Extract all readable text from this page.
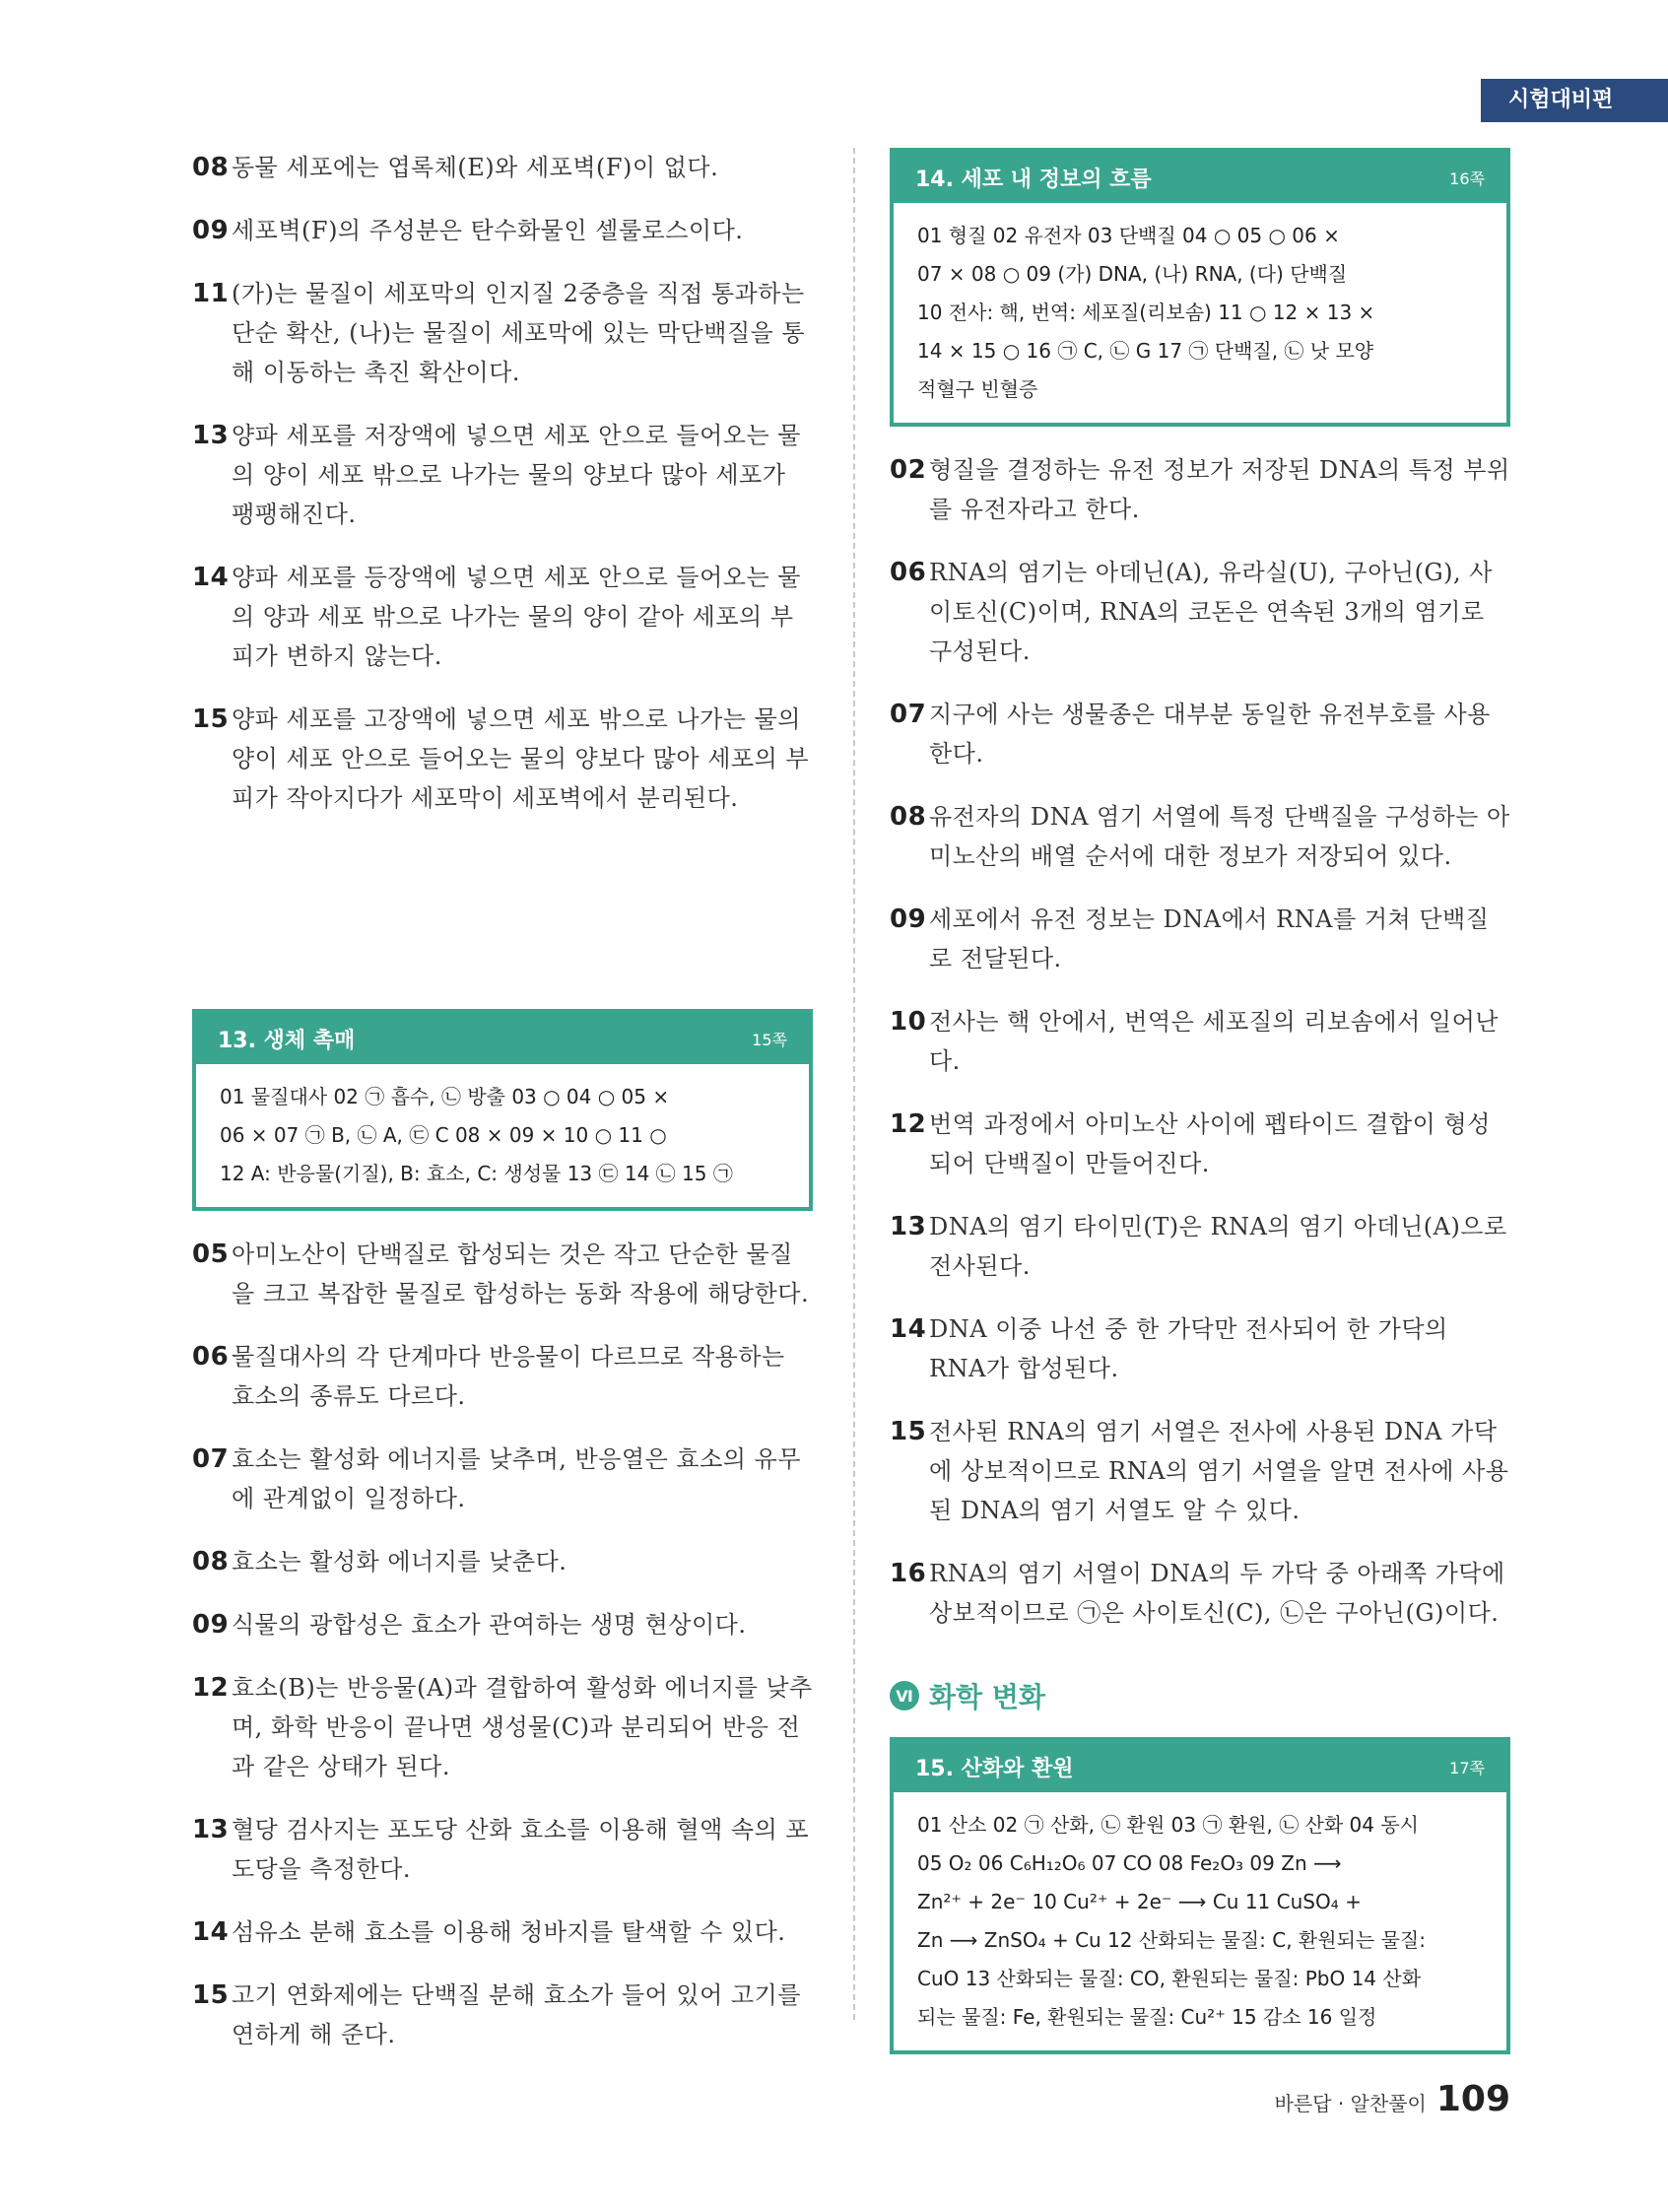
시험대비편
08 동물 세포에는 엽록체(E)와 세포벽(F)이 없다.
09 세포벽(F)의 주성분은 탄수화물인 셀룰로스이다.
11 (가)는 물질이 세포막의 인지질 2중층을 직접 통과하는 단순 확산, (나)는 물질이 세포막에 있는 막단백질을 통해 이동하는 촉진 확산이다.
13 양파 세포를 저장액에 넣으면 세포 안으로 들어오는 물의 양이 세포 밖으로 나가는 물의 양보다 많아 세포가 팽팽해진다.
14 양파 세포를 등장액에 넣으면 세포 안으로 들어오는 물의 양과 세포 밖으로 나가는 물의 양이 같아 세포의 부피가 변하지 않는다.
15 양파 세포를 고장액에 넣으면 세포 밖으로 나가는 물의 양이 세포 안으로 들어오는 물의 양보다 많아 세포의 부피가 작아지다가 세포막이 세포벽에서 분리된다.
13. 생체 촉매	15쪽
01 물질대사 02 ㉠ 흡수, ㉡ 방출 03 ○ 04 ○ 05 ×
06 × 07 ㉠ B, ㉡ A, ㉢ C 08 × 09 × 10 ○ 11 ○
12 A: 반응물(기질), B: 효소, C: 생성물 13 ㉢ 14 ㉡ 15 ㉠
05 아미노산이 단백질로 합성되는 것은 작고 단순한 물질을 크고 복잡한 물질로 합성하는 동화 작용에 해당한다.
06 물질대사의 각 단계마다 반응물이 다르므로 작용하는 효소의 종류도 다르다.
07 효소는 활성화 에너지를 낮추며, 반응열은 효소의 유무에 관계없이 일정하다.
08 효소는 활성화 에너지를 낮춘다.
09 식물의 광합성은 효소가 관여하는 생명 현상이다.
12 효소(B)는 반응물(A)과 결합하여 활성화 에너지를 낮추며, 화학 반응이 끝나면 생성물(C)과 분리되어 반응 전과 같은 상태가 된다.
13 혈당 검사지는 포도당 산화 효소를 이용해 혈액 속의 포도당을 측정한다.
14 섬유소 분해 효소를 이용해 청바지를 탈색할 수 있다.
15 고기 연화제에는 단백질 분해 효소가 들어 있어 고기를 연하게 해 준다.
14. 세포 내 정보의 흐름	16쪽
01 형질 02 유전자 03 단백질 04 ○ 05 ○ 06 ×
07 × 08 ○ 09 (가) DNA, (나) RNA, (다) 단백질
10 전사: 핵, 번역: 세포질(리보솜) 11 ○ 12 × 13 ×
14 × 15 ○ 16 ㉠ C, ㉡ G 17 ㉠ 단백질, ㉡ 낫 모양
적혈구 빈혈증
02 형질을 결정하는 유전 정보가 저장된 DNA의 특정 부위를 유전자라고 한다.
06 RNA의 염기는 아데닌(A), 유라실(U), 구아닌(G), 사이토신(C)이며, RNA의 코돈은 연속된 3개의 염기로 구성된다.
07 지구에 사는 생물종은 대부분 동일한 유전부호를 사용한다.
08 유전자의 DNA 염기 서열에 특정 단백질을 구성하는 아미노산의 배열 순서에 대한 정보가 저장되어 있다.
09 세포에서 유전 정보는 DNA에서 RNA를 거쳐 단백질로 전달된다.
10 전사는 핵 안에서, 번역은 세포질의 리보솜에서 일어난다.
12 번역 과정에서 아미노산 사이에 펩타이드 결합이 형성되어 단백질이 만들어진다.
13 DNA의 염기 타이민(T)은 RNA의 염기 아데닌(A)으로 전사된다.
14 DNA 이중 나선 중 한 가닥만 전사되어 한 가닥의 RNA가 합성된다.
15 전사된 RNA의 염기 서열은 전사에 사용된 DNA 가닥에 상보적이므로 RNA의 염기 서열을 알면 전사에 사용된 DNA의 염기 서열도 알 수 있다.
16 RNA의 염기 서열이 DNA의 두 가닥 중 아래쪽 가닥에 상보적이므로 ㉠은 사이토신(C), ㉡은 구아닌(G)이다.
Ⅵ 화학 변화
15. 산화와 환원	17쪽
01 산소 02 ㉠ 산화, ㉡ 환원 03 ㉠ 환원, ㉡ 산화 04 동시
05 O₂ 06 C₆H₁₂O₆ 07 CO 08 Fe₂O₃ 09 Zn ⟶
Zn²⁺ + 2e⁻ 10 Cu²⁺ + 2e⁻ ⟶ Cu 11 CuSO₄ +
Zn ⟶ ZnSO₄ + Cu 12 산화되는 물질: C, 환원되는 물질:
CuO 13 산화되는 물질: CO, 환원되는 물질: PbO 14 산화
되는 물질: Fe, 환원되는 물질: Cu²⁺ 15 감소 16 일정
바른답 · 알찬풀이 109
